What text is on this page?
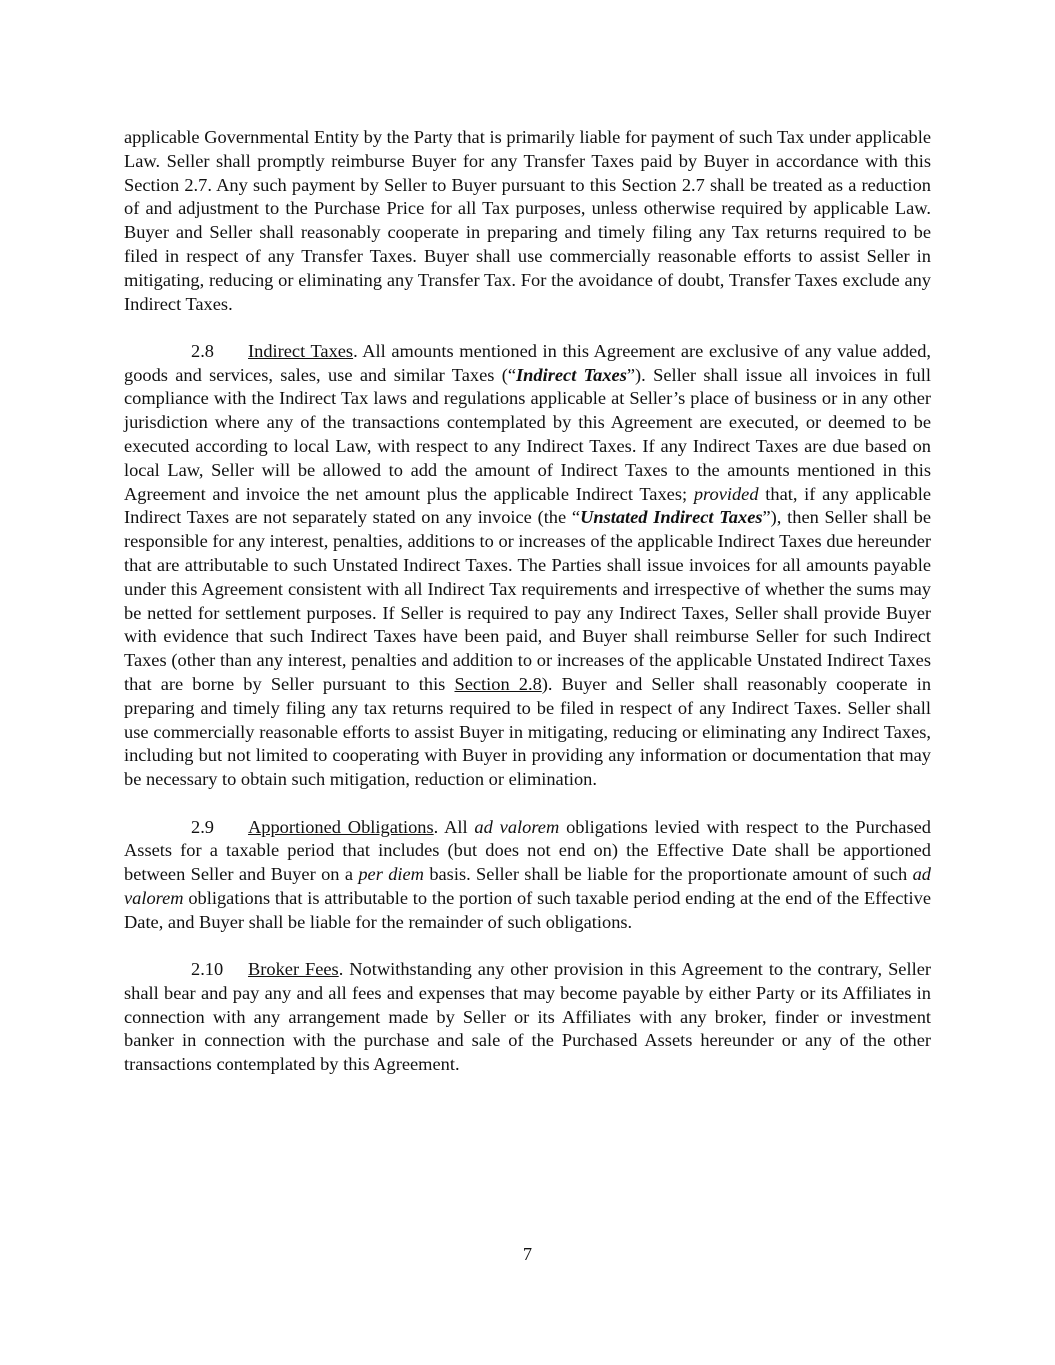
applicable Governmental Entity by the Party that is primarily liable for payment of such Tax under applicable Law. Seller shall promptly reimburse Buyer for any Transfer Taxes paid by Buyer in accordance with this Section 2.7. Any such payment by Seller to Buyer pursuant to this Section 2.7 shall be treated as a reduction of and adjustment to the Purchase Price for all Tax purposes, unless otherwise required by applicable Law. Buyer and Seller shall reasonably cooperate in preparing and timely filing any Tax returns required to be filed in respect of any Transfer Taxes. Buyer shall use commercially reasonable efforts to assist Seller in mitigating, reducing or eliminating any Transfer Tax. For the avoidance of doubt, Transfer Taxes exclude any Indirect Taxes.

2.8 Indirect Taxes. All amounts mentioned in this Agreement are exclusive of any value added, goods and services, sales, use and similar Taxes (“Indirect Taxes”). Seller shall issue all invoices in full compliance with the Indirect Tax laws and regulations applicable at Seller’s place of business or in any other jurisdiction where any of the transactions contemplated by this Agreement are executed, or deemed to be executed according to local Law, with respect to any Indirect Taxes. If any Indirect Taxes are due based on local Law, Seller will be allowed to add the amount of Indirect Taxes to the amounts mentioned in this Agreement and invoice the net amount plus the applicable Indirect Taxes; provided that, if any applicable Indirect Taxes are not separately stated on any invoice (the “Unstated Indirect Taxes”), then Seller shall be responsible for any interest, penalties, additions to or increases of the applicable Indirect Taxes due hereunder that are attributable to such Unstated Indirect Taxes. The Parties shall issue invoices for all amounts payable under this Agreement consistent with all Indirect Tax requirements and irrespective of whether the sums may be netted for settlement purposes. If Seller is required to pay any Indirect Taxes, Seller shall provide Buyer with evidence that such Indirect Taxes have been paid, and Buyer shall reimburse Seller for such Indirect Taxes (other than any interest, penalties and addition to or increases of the applicable Unstated Indirect Taxes that are borne by Seller pursuant to this Section 2.8). Buyer and Seller shall reasonably cooperate in preparing and timely filing any tax returns required to be filed in respect of any Indirect Taxes. Seller shall use commercially reasonable efforts to assist Buyer in mitigating, reducing or eliminating any Indirect Taxes, including but not limited to cooperating with Buyer in providing any information or documentation that may be necessary to obtain such mitigation, reduction or elimination.

2.9 Apportioned Obligations. All ad valorem obligations levied with respect to the Purchased Assets for a taxable period that includes (but does not end on) the Effective Date shall be apportioned between Seller and Buyer on a per diem basis. Seller shall be liable for the proportionate amount of such ad valorem obligations that is attributable to the portion of such taxable period ending at the end of the Effective Date, and Buyer shall be liable for the remainder of such obligations.

2.10 Broker Fees. Notwithstanding any other provision in this Agreement to the contrary, Seller shall bear and pay any and all fees and expenses that may become payable by either Party or its Affiliates in connection with any arrangement made by Seller or its Affiliates with any broker, finder or investment banker in connection with the purchase and sale of the Purchased Assets hereunder or any of the other transactions contemplated by this Agreement.

7
